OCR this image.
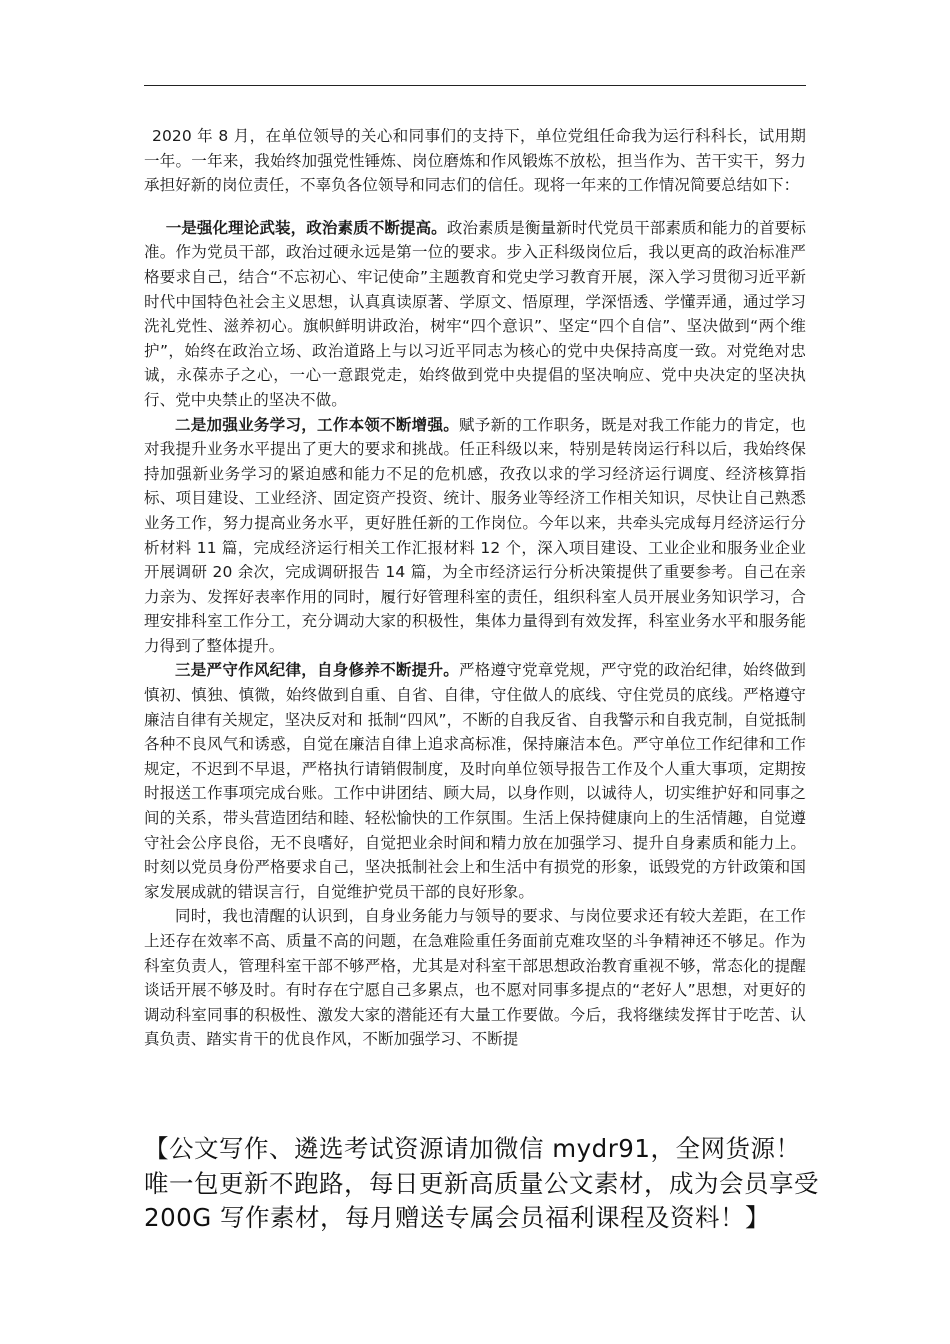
2020 年 8 月，在单位领导的关心和同事们的支持下，单位党组任命我为运行科科长，试用期一年。一年来，我始终加强党性锤炼、岗位磨炼和作风锻炼不放松，担当作为、苦干实干，努力承担好新的岗位责任，不辜负各位领导和同志们的信任。现将一年来的工作情况简要总结如下：

一是强化理论武装，政治素质不断提高。政治素质是衡量新时代党员干部素质和能力的首要标准。作为党员干部，政治过硬永远是第一位的要求。步入正科级岗位后，我以更高的政治标准严格要求自己，结合“不忘初心、牢记使命”主题教育和党史学习教育开展，深入学习贯彻习近平新时代中国特色社会主义思想，认真真读原著、学原文、悟原理，学深悟透、学懂弄通，通过学习洗礼党性、滋养初心。旗帜鲜明讲政治，树牢“四个意识”、坚定“四个自信”、坚决做到“两个维护”，始终在政治立场、政治道路上与以习近平同志为核心的党中央保持高度一致。对党绝对忠诚，永葆赤子之心，一心一意跟党走，始终做到党中央提倡的坚决响应、党中央决定的坚决执行、党中央禁止的坚决不做。

二是加强业务学习，工作本领不断增强。赋予新的工作职务，既是对我工作能力的肯定，也对我提升业务水平提出了更大的要求和挑战。任正科级以来，特别是转岗运行科以后，我始终保持加强新业务学习的紧迫感和能力不足的危机感，孜孜以求的学习经济运行调度、经济核算指标、项目建设、工业经济、固定资产投资、统计、服务业等经济工作相关知识，尽快让自己熟悉业务工作，努力提高业务水平，更好胜任新的工作岗位。今年以来，共牵头完成每月经济运行分析材料 11 篇，完成经济运行相关工作汇报材料 12 个，深入项目建设、工业企业和服务业企业开展调研 20 余次，完成调研报告 14 篇，为全市经济运行分析决策提供了重要参考。自己在亲力亲为、发挥好表率作用的同时，履行好管理科室的责任，组织科室人员开展业务知识学习，合理安排科室工作分工，充分调动大家的积极性，集体力量得到有效发挥，科室业务水平和服务能力得到了整体提升。

三是严守作风纪律，自身修养不断提升。严格遵守党章党规，严守党的政治纪律，始终做到慎初、慎独、慎微，始终做到自重、自省、自律，守住做人的底线、守住党员的底线。严格遵守廉洁自律有关规定，坚决反对和 抵制“四风”，不断的自我反省、自我警示和自我克制，自觉抵制各种不良风气和诱惑，自觉在廉洁自律上追求高标准，保持廉洁本色。严守单位工作纪律和工作规定，不迟到不早退，严格执行请销假制度，及时向单位领导报告工作及个人重大事项，定期按时报送工作事项完成台账。工作中讲团结、顾大局，以身作则，以诚待人，切实维护好和同事之间的关系，带头营造团结和睦、轻松愉快的工作氛围。生活上保持健康向上的生活情趣，自觉遵守社会公序良俗，无不良嗜好，自觉把业余时间和精力放在加强学习、提升自身素质和能力上。时刻以党员身份严格要求自己，坚决抵制社会上和生活中有损党的形象，诋毁党的方针政策和国家发展成就的错误言行，自觉维护党员干部的良好形象。

同时，我也清醒的认识到，自身业务能力与领导的要求、与岗位要求还有较大差距，在工作上还存在效率不高、质量不高的问题，在急难险重任务面前克难攻坚的斗争精神还不够足。作为科室负责人，管理科室干部不够严格，尤其是对科室干部思想政治教育重视不够，常态化的提醒谈话开展不够及时。有时存在宁愿自己多累点，也不愿对同事多提点的“老好人”思想，对更好的调动科室同事的积极性、激发大家的潜能还有大量工作要做。今后，我将继续发挥甘于吃苦、认真负责、踏实肯干的优良作风，不断加强学习、不断提

【公文写作、遴选考试资源请加微信 mydr91，全网货源！唯一包更新不跑路，每日更新高质量公文素材，成为会员享受 200G 写作素材，每月赠送专属会员福利课程及资料！】
